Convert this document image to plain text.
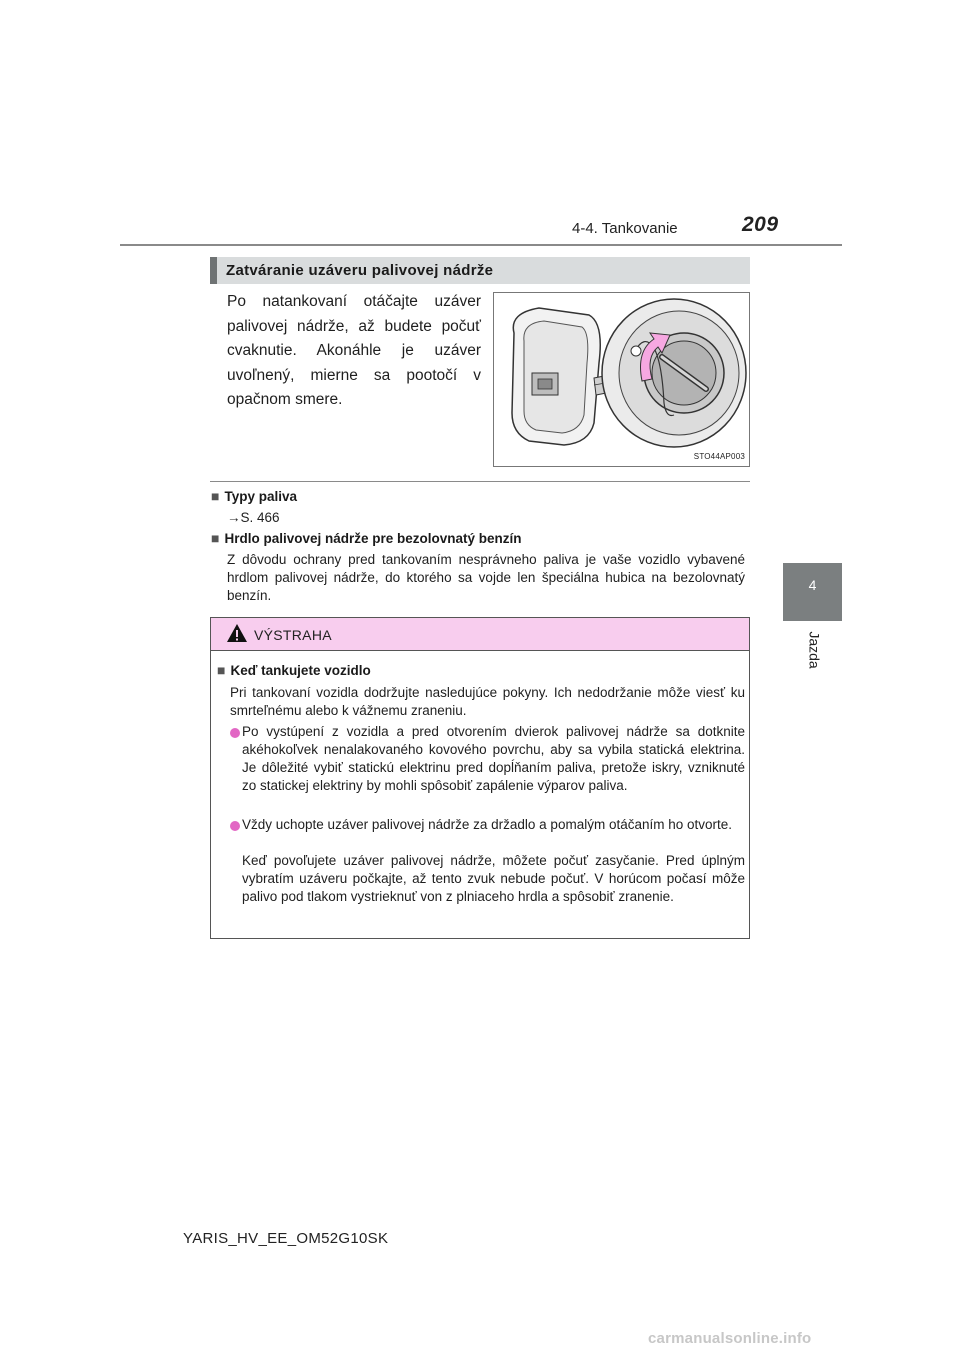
4-4. Tankovanie	209
4
Jazda
Zatváranie uzáveru palivovej nádrže
Po natankovaní otáčajte uzáver palivovej nádrže, až budete počuť cvaknutie. Akonáhle je uzáver uvoľnený, mierne sa pootočí v opačnom smere.
STO44AP003
■ Typy paliva
→S. 466
■ Hrdlo palivovej nádrže pre bezolovnatý benzín
Z dôvodu ochrany pred tankovaním nesprávneho paliva je vaše vozidlo vybavené hrdlom palivovej nádrže, do ktorého sa vojde len špeciálna hubica na bezolovnatý benzín.
VÝSTRAHA
■ Keď tankujete vozidlo
Pri tankovaní vozidla dodržujte nasledujúce pokyny. Ich nedodržanie môže viesť ku smrteľnému alebo k vážnemu zraneniu.
Po vystúpení z vozidla a pred otvorením dvierok palivovej nádrže sa dotknite akéhokoľvek nenalakovaného kovového povrchu, aby sa vybila statická elektrina. Je dôležité vybiť statickú elektrinu pred dopĺňaním paliva, pretože iskry, vzniknuté zo statickej elektriny by mohli spôsobiť zapálenie výparov paliva.
Vždy uchopte uzáver palivovej nádrže za držadlo a pomalým otáčaním ho otvorte.
Keď povoľujete uzáver palivovej nádrže, môžete počuť zasyčanie. Pred úplným vybratím uzáveru počkajte, až tento zvuk nebude počuť. V horúcom počasí môže palivo pod tlakom vystrieknuť von z plniaceho hrdla a spôsobiť zranenie.
YARIS_HV_EE_OM52G10SK
carmanualsonline.info
